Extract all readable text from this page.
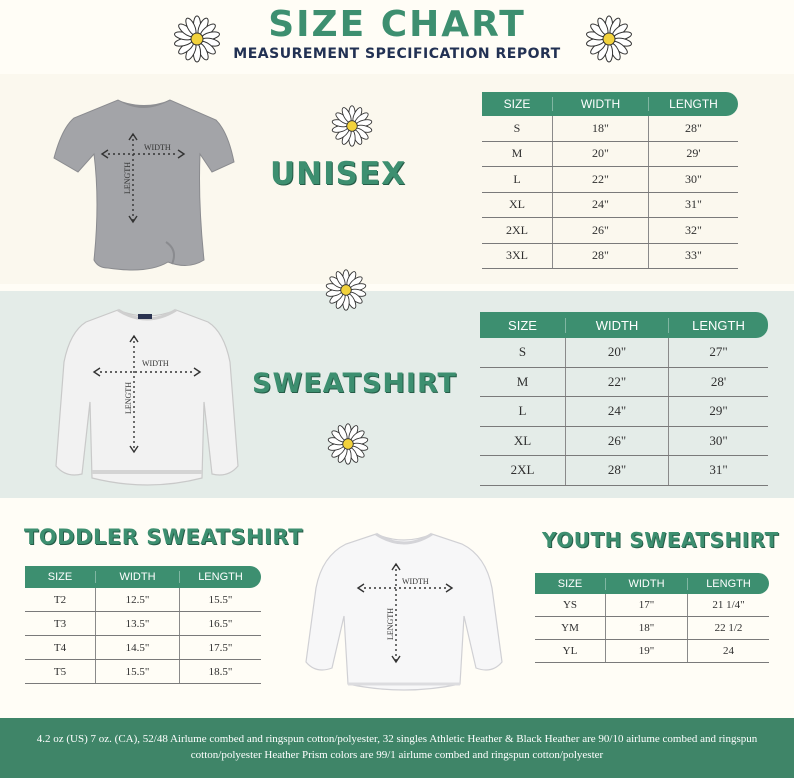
SIZE CHART
MEASUREMENT SPECIFICATION REPORT
WIDTH
LENGTH
WIDTH
LENGTH
WIDTH
LENGTH
UNISEX
SWEATSHIRT
TODDLER SWEATSHIRT	YOUTH SWEATSHIRT
SIZE	WIDTH	LENGTH
S	18"	28"
M	20"	29'
L	22"	30"
XL	24"	31"
2XL	26"	32"
3XL	28"	33"
SIZE	WIDTH	LENGTH
S	20"	27"
M	22"	28'
L	24"	29"
XL	26"	30"
2XL	28"	31"
SIZE	WIDTH	LENGTH
T2	12.5"	15.5"
T3	13.5"	16.5"
T4	14.5"	17.5"
T5	15.5"	18.5"
SIZE	WIDTH	LENGTH
YS	17"	21 1/4"
YM	18"	22 1/2
YL	19"	24
4.2 oz (US) 7 oz. (CA), 52/48 Airlume combed and ringspun cotton/polyester, 32 singles Athletic Heather & Black Heather are 90/10 airlume combed and ringspun cotton/polyester Heather Prism colors are 99/1 airlume combed and ringspun cotton/polyester
